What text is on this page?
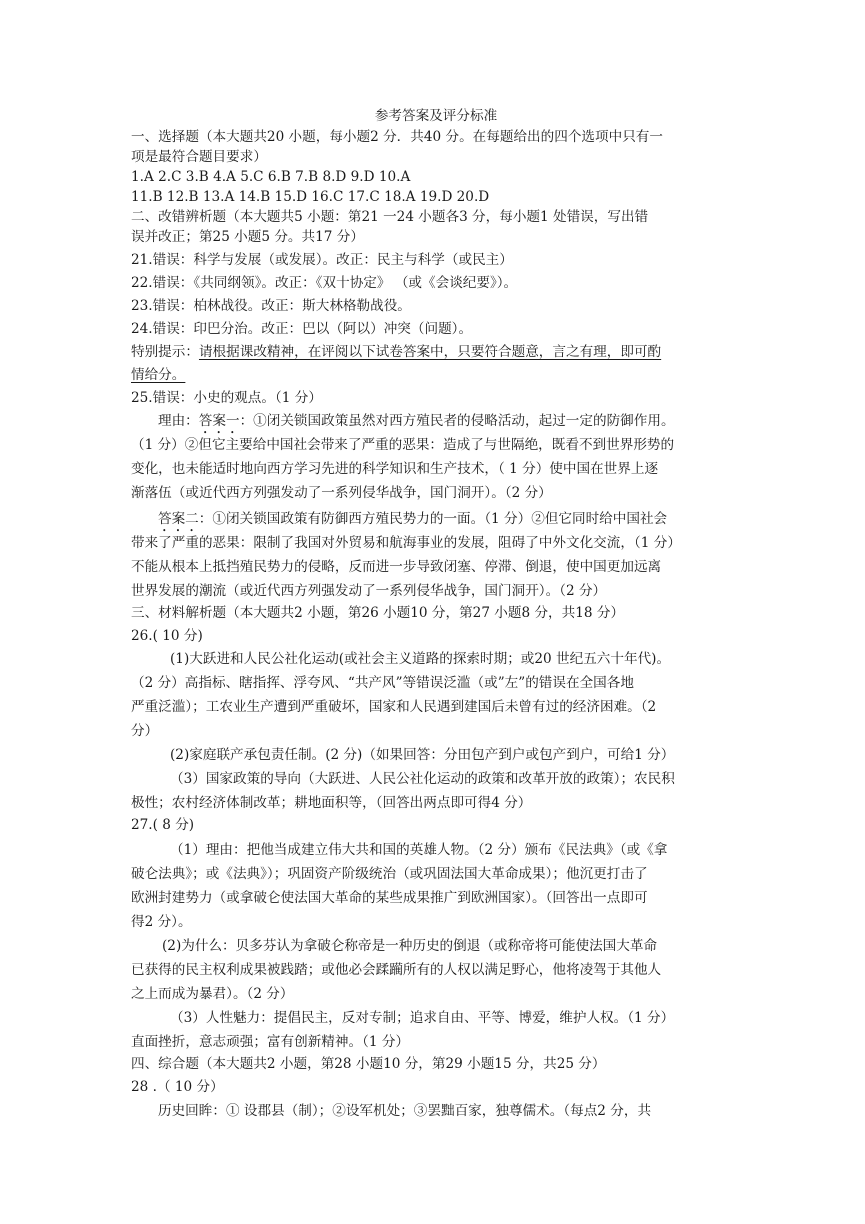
参考答案及评分标准
一、选择题（本大题共20 小题，每小题2 分．共40 分。在每题给出的四个选项中只有一
项是最符合题目要求）
1.A 2.C 3.B 4.A 5.C 6.B 7.B 8.D 9.D 10.A
11.B 12.B 13.A 14.B 15.D 16.C 17.C 18.A 19.D 20.D
二、改错辨析题（本大题共5 小题：第21 一24 小题各3 分，每小题1 处错误，写出错
误并改正；第25 小题5 分。共17 分）
21.错误：科学与发展（或发展）。改正：民主与科学（或民主）
22.错误：《共同纲领》。改正：《双十协定》 （或《会谈纪要》）。
23.错误：柏林战役。改正：斯大林格勒战役。
24.错误：印巴分治。改正：巴以（阿以）冲突（问题）。
特别提示：请根据课改精神，在评阅以下试卷答案中，只要符合题意，言之有理，即可酌
情给分。
25.错误：小史的观点。（1 分）
理由：答案一：①闭关锁国政策虽然对西方殖民者的侵略活动，起过一定的防御作用。
（1 分）②但它主要给中国社会带来了严重的恶果：造成了与世隔绝，既看不到世界形势的
变化，也未能适时地向西方学习先进的科学知识和生产技术，（ 1 分）使中国在世界上逐
渐落伍（或近代西方列强发动了一系列侵华战争，国门洞开）。（2 分）
答案二：①闭关锁国政策有防御西方殖民势力的一面。（1 分）②但它同时给中国社会
带来了严重的恶果：限制了我国对外贸易和航海事业的发展，阻碍了中外文化交流，（1 分）
不能从根本上抵挡殖民势力的侵略，反而进一步导致闭塞、停滞、倒退，使中国更加远离
世界发展的潮流（或近代西方列强发动了一系列侵华战争，国门洞开）。（2 分）
三、材料解析题（本大题共2 小题，第26 小题10 分，第27 小题8 分，共18 分）
26.( 10 分)
(1)大跃进和人民公社化运动(或社会主义道路的探索时期；或20 世纪五六十年代)。
（2 分）高指标、瞎指挥、浮夸风、“共产风”等错误泛滥（或”左”的错误在全国各地
严重泛滥）；工农业生产遭到严重破坏，国家和人民遇到建国后未曾有过的经济困难。（2
分）
(2)家庭联产承包责任制。(2 分)（如果回答：分田包产到户或包产到户，可给1 分）
（3）国家政策的导向（大跃进、人民公社化运动的政策和改革开放的政策）；农民积
极性；农村经济体制改革；耕地面积等，（回答出两点即可得4 分）
27.( 8 分)
（1）理由：把他当成建立伟大共和国的英雄人物。（2 分）颁布《民法典》（或《拿
破仑法典》；或《法典》）；巩固资产阶级统治（或巩固法国大革命成果）；他沉更打击了
欧洲封建势力（或拿破仑使法国大革命的某些成果推广到欧洲国家）。（回答出一点即可
得2 分）。
(2)为什么：贝多芬认为拿破仑称帝是一种历史的倒退（或称帝将可能使法国大革命
已获得的民主权利成果被践踏；或他必会蹂躏所有的人权以满足野心，他将凌驾于其他人
之上而成为暴君）。（2 分）
（3）人性魅力：提倡民主，反对专制；追求自由、平等、博爱，维护人权。（1 分）
直面挫折，意志顽强；富有创新精神。（1 分）
四、综合题（本大题共2 小题，第28 小题10 分，第29 小题15 分，共25 分）
28 .（ 10 分）
历史回眸：① 设郡县（制）；②设军机处；③罢黜百家，独尊儒术。（每点2 分，共
